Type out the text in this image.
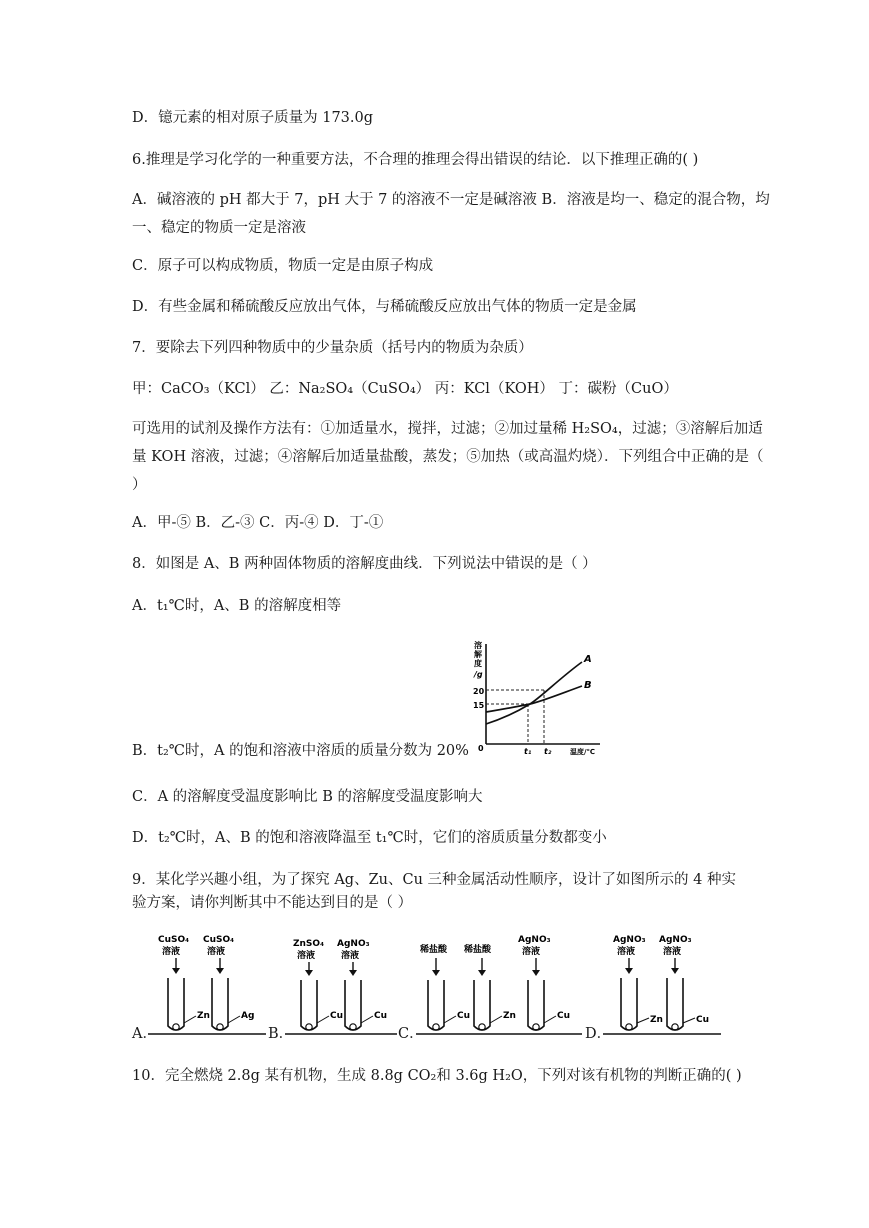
D．镱元素的相对原子质量为 173.0g
6.推理是学习化学的一种重要方法，不合理的推理会得出错误的结论．以下推理正确的( )
A．碱溶液的 pH 都大于 7，pH 大于 7 的溶液不一定是碱溶液 B．溶液是均一、稳定的混合物，均一、稳定的物质一定是溶液
C．原子可以构成物质，物质一定是由原子构成
D．有些金属和稀硫酸反应放出气体，与稀硫酸反应放出气体的物质一定是金属
7．要除去下列四种物质中的少量杂质（括号内的物质为杂质）
甲：CaCO₃（KCl） 乙：Na₂SO₄（CuSO₄） 丙：KCl（KOH） 丁：碳粉（CuO）
可选用的试剂及操作方法有：①加适量水，搅拌，过滤；②加过量稀 H₂SO₄，过滤；③溶解后加适量 KOH 溶液，过滤；④溶解后加适量盐酸，蒸发；⑤加热（或高温灼烧）．下列组合中正确的是（ ）
A．甲-⑤ B．乙-③ C．丙-④ D．丁-①
8．如图是 A、B 两种固体物质的溶解度曲线．下列说法中错误的是（ ）
A．t₁℃时，A、B 的溶解度相等
溶
解
度
/g
20
15
0
A
B
t₁ t₂	温度/℃
B．t₂℃时，A 的饱和溶液中溶质的质量分数为 20%
C．A 的溶解度受温度影响比 B 的溶解度受温度影响大
D．t₂℃时，A、B 的饱和溶液降温至 t₁℃时，它们的溶质质量分数都变小
9．某化学兴趣小组，为了探究 Ag、Zu、Cu 三种金属活动性顺序，设计了如图所示的 4 种实
验方案，请你判断其中不能达到目的是（ ）
A．
CuSO₄
溶液
CuSO₄
溶液
Zn	Ag
B．
ZnSO₄
溶液
AgNO₃
溶液
Cu	Cu
C．
稀盐酸 稀盐酸
AgNO₃
溶液
Cu	Zn	Cu
D．
AgNO₃
溶液
AgNO₃
溶液
Zn	Cu
10．完全燃烧 2.8g 某有机物，生成 8.8g CO₂和 3.6g H₂O，下列对该有机物的判断正确的( )
